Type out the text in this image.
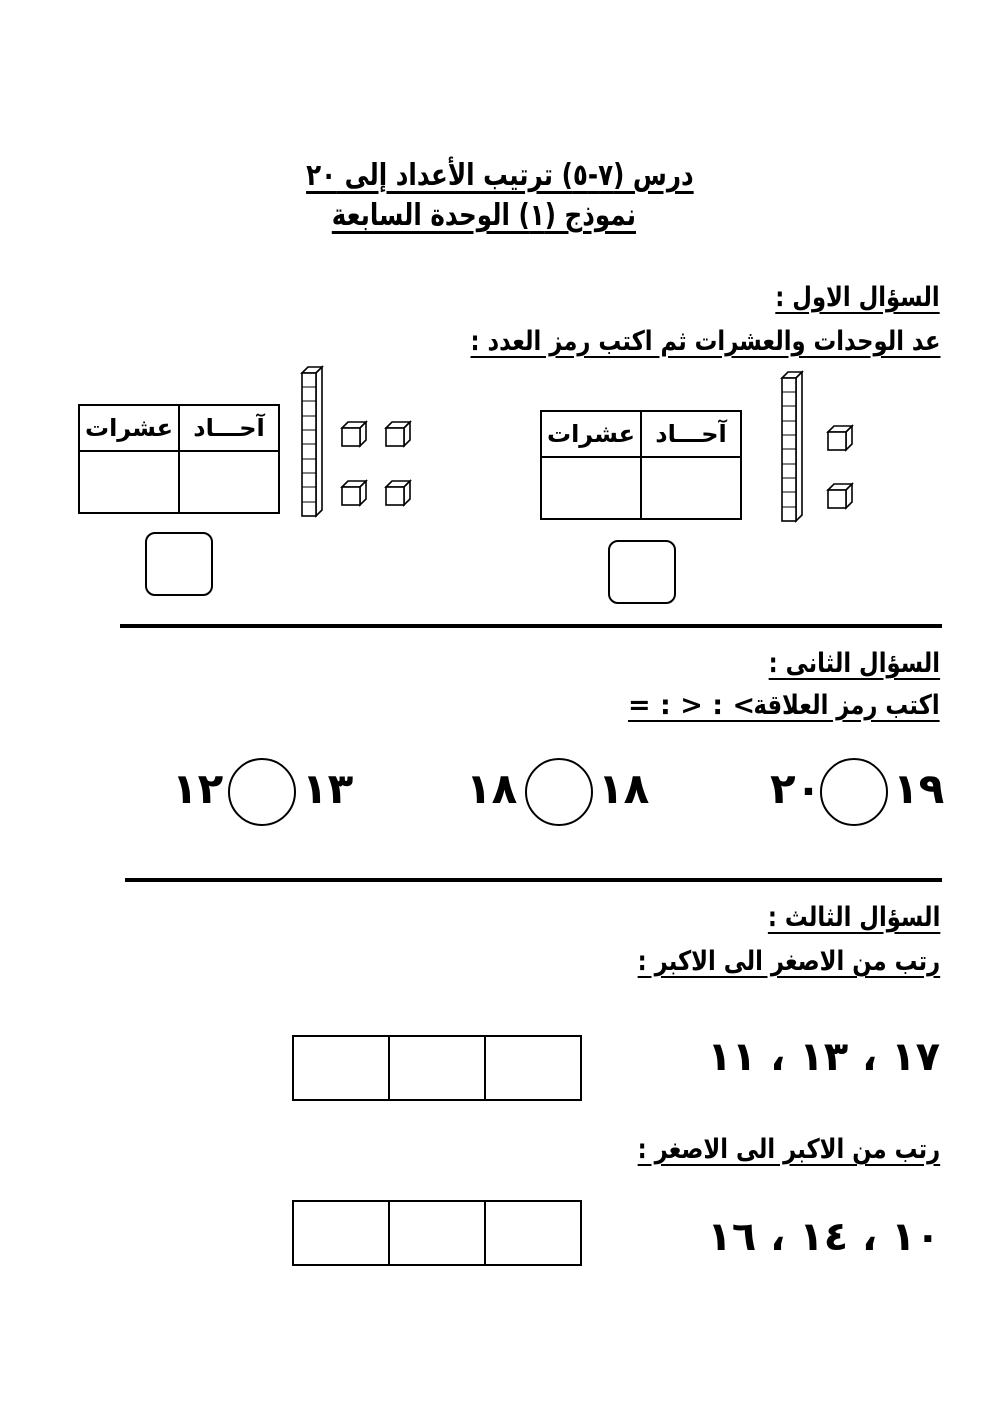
درس (٧-٥) ترتيب الأعداد إلى ٢٠
نموذج (١) الوحدة السابعة
السؤال الاول :
عد الوحدات والعشرات ثم اكتب رمز العدد :
آحـــاد	عشرات

آحـــاد	عشرات

السؤال الثانى :
اكتب رمز العلاقة
= : > : <
١٩
٢٠
١٨
١٨
١٣
١٢
السؤال الثالث :
رتب من الاصغر الى الاكبر :
١٧ ، ١٣ ، ١١
رتب من الاكبر الى الاصغر :
١٠ ، ١٤ ، ١٦
